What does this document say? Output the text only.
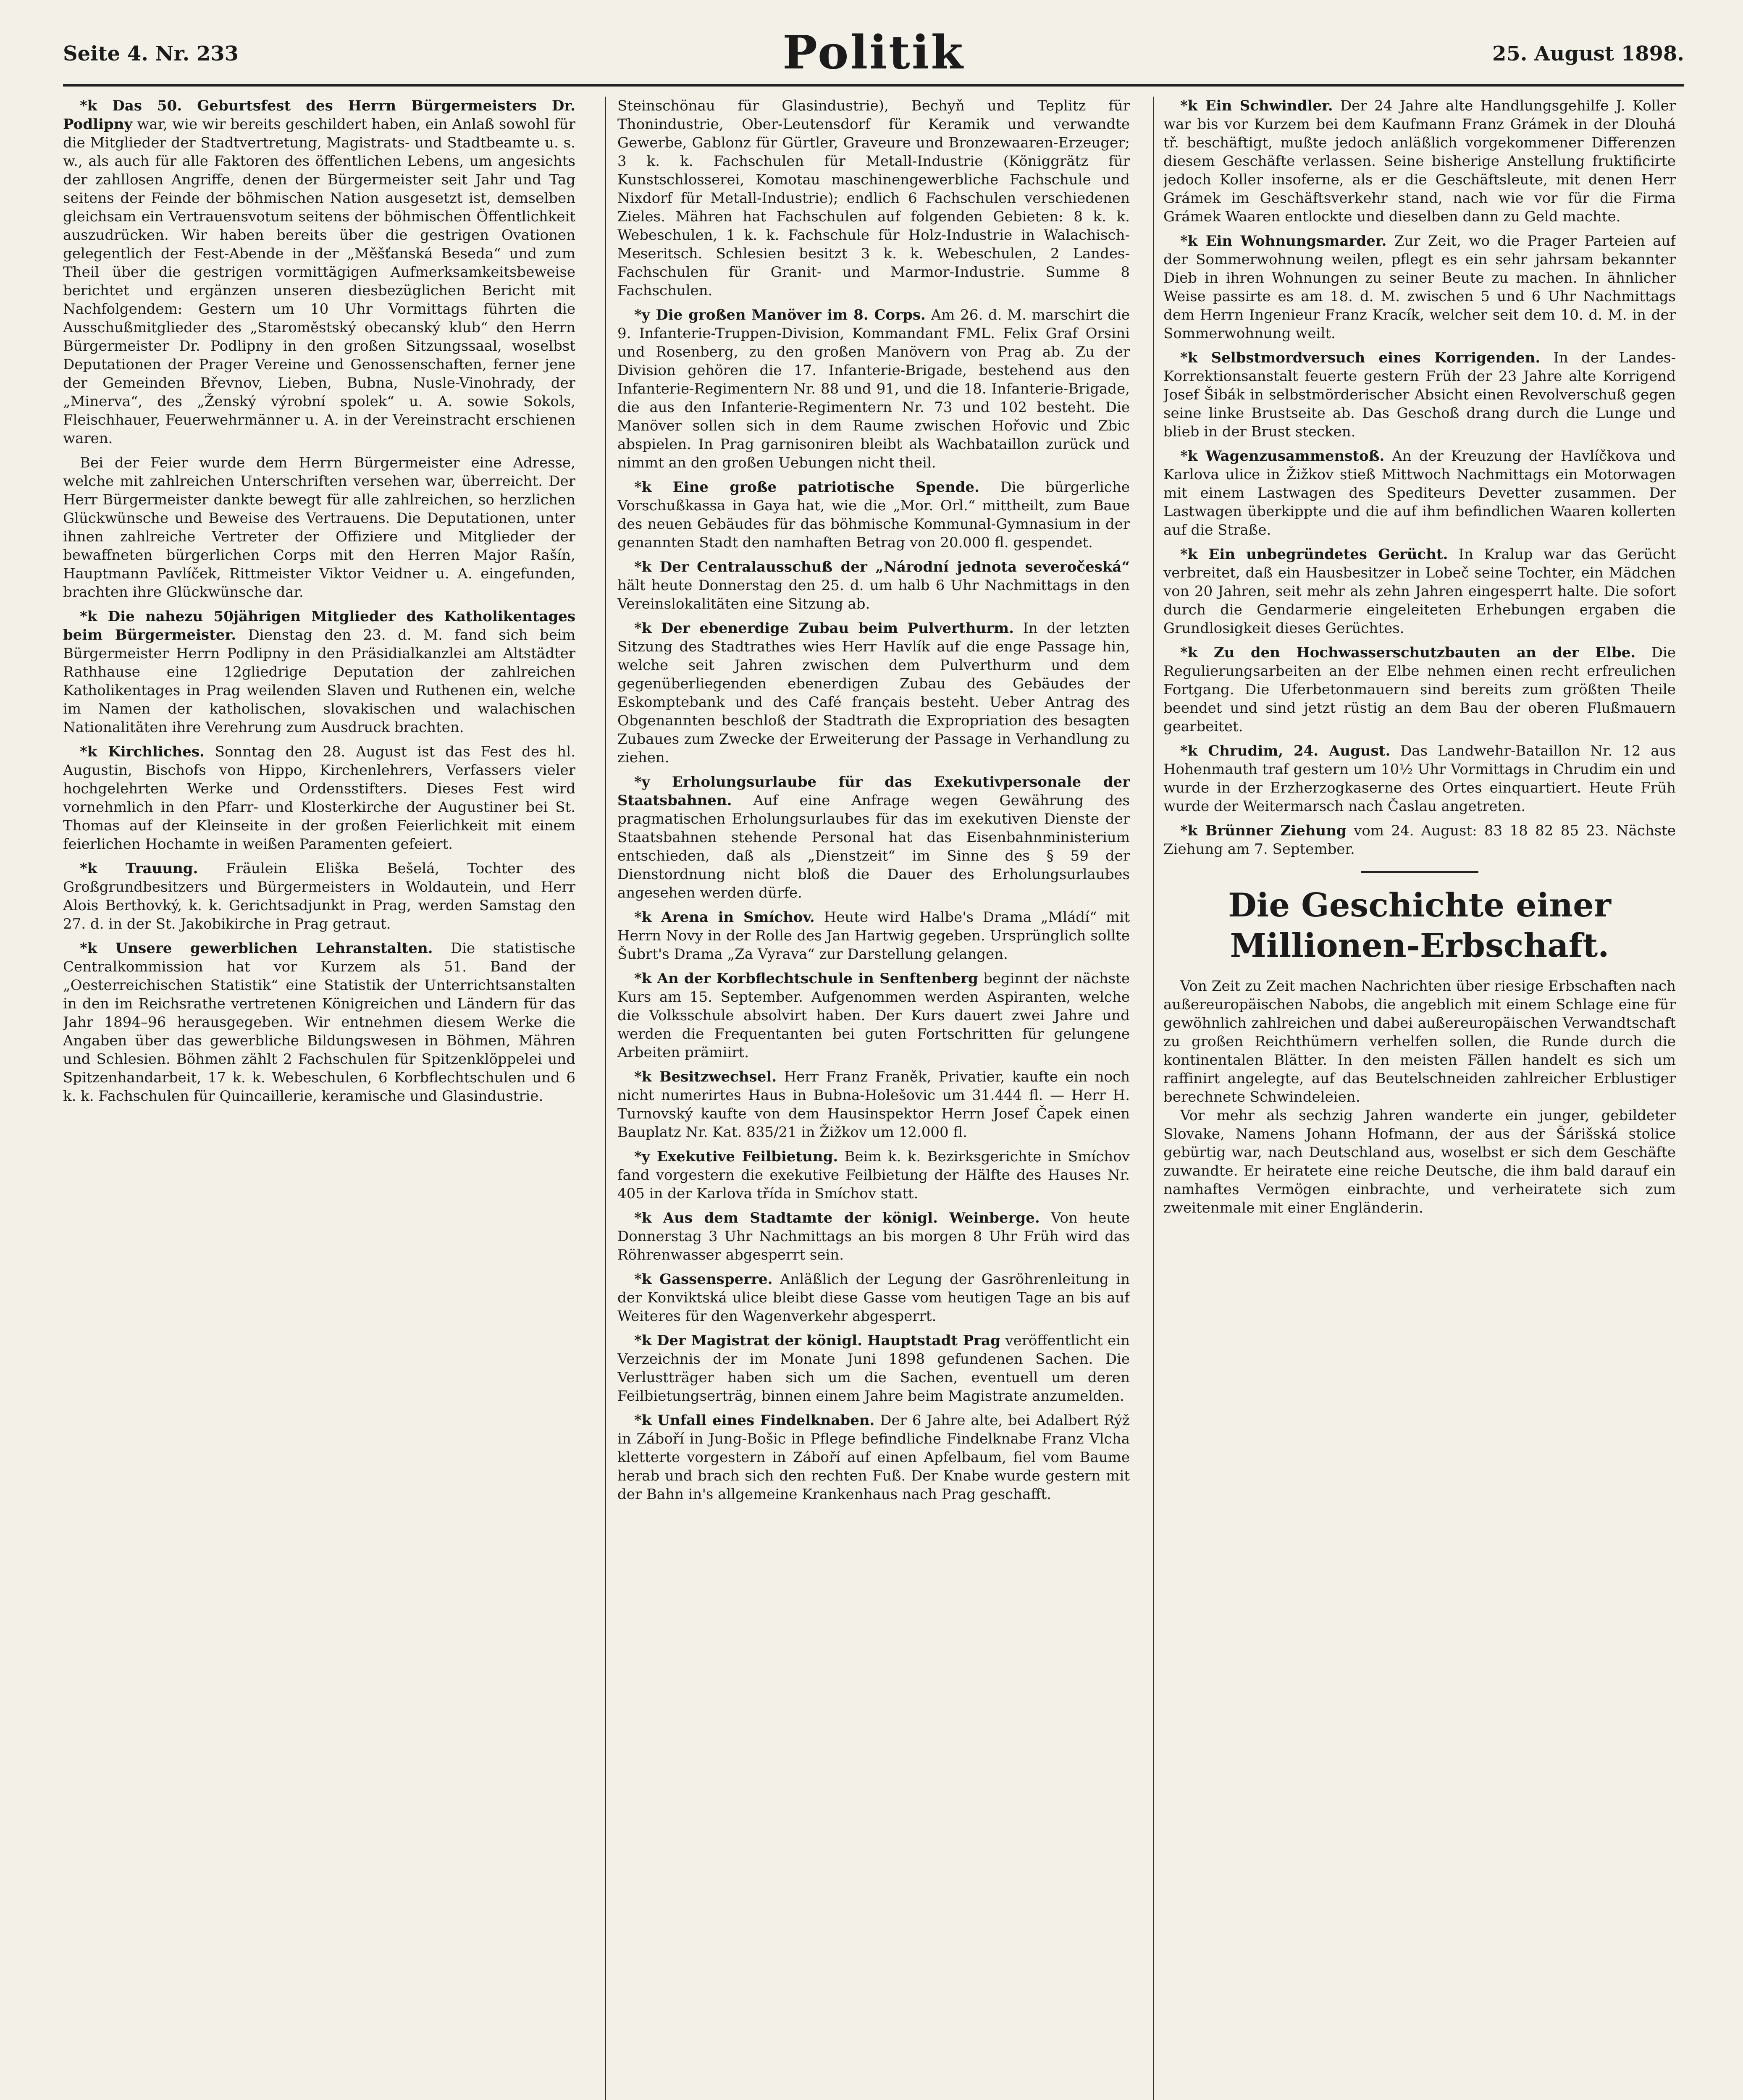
Seite 4. Nr. 233	Politik	25. August 1898.

*k Das 50. Geburtsfest des Herrn Bürgermeisters Dr. Podlipny war, wie wir bereits geschildert haben, ein Anlaß sowohl für die Mitglieder der Stadtvertretung, Magistrats- und Stadtbeamte u. s. w., als auch für alle Faktoren des öffentlichen Lebens, um angesichts der zahllosen Angriffe, denen der Bürgermeister seit Jahr und Tag seitens der Feinde der böhmischen Nation ausgesetzt ist, demselben gleichsam ein Vertrauensvotum seitens der böhmischen Öffentlichkeit auszudrücken. Wir haben bereits über die gestrigen Ovationen gelegentlich der Fest-Abende in der „Měšťanská Beseda“ und zum Theil über die gestrigen vormittägigen Aufmerksamkeitsbeweise berichtet und ergänzen unseren diesbezüglichen Bericht mit Nachfolgendem: Gestern um 10 Uhr Vormittags führten die Ausschußmitglieder des „Staroměstský obecanský klub“ den Herrn Bürgermeister Dr. Podlipny in den großen Sitzungssaal, woselbst Deputationen der Prager Vereine und Genossenschaften, ferner jene der Gemeinden Břevnov, Lieben, Bubna, Nusle-Vinohrady, der „Minerva“, des „Ženský výrobní spolek“ u. A. sowie Sokols, Fleischhauer, Feuerwehrmänner u. A. in der Vereinstracht erschienen waren.

Bei der Feier wurde dem Herrn Bürgermeister eine Adresse, welche mit zahlreichen Unterschriften versehen war, überreicht. Der Herr Bürgermeister dankte bewegt für alle zahlreichen, so herzlichen Glückwünsche und Beweise des Vertrauens. Die Deputationen, unter ihnen zahlreiche Vertreter der Offiziere und Mitglieder der bewaffneten bürgerlichen Corps mit den Herren Major Rašín, Hauptmann Pavlíček, Rittmeister Viktor Veidner u. A. eingefunden, brachten ihre Glückwünsche dar.

*k Die nahezu 50jährigen Mitglieder des Katholikentages beim Bürgermeister. Dienstag den 23. d. M. fand sich beim Bürgermeister Herrn Podlipny in den Präsidialkanzlei am Altstädter Rathhause eine 12gliedrige Deputation der zahlreichen Katholikentages in Prag weilenden Slaven und Ruthenen ein, welche im Namen der katholischen, slovakischen und walachischen Nationalitäten ihre Verehrung zum Ausdruck brachten.

*k Kirchliches. Sonntag den 28. August ist das Fest des hl. Augustin, Bischofs von Hippo, Kirchenlehrers, Verfassers vieler hochgelehrten Werke und Ordensstifters. Dieses Fest wird vornehmlich in den Pfarr- und Klosterkirche der Augustiner bei St. Thomas auf der Kleinseite in der großen Feierlichkeit mit einem feierlichen Hochamte in weißen Paramenten gefeiert.

*k Trauung. Fräulein Eliška Bešelá, Tochter des Großgrundbesitzers und Bürgermeisters in Woldautein, und Herr Alois Berthovký, k. k. Gerichtsadjunkt in Prag, werden Samstag den 27. d. in der St. Jakobikirche in Prag getraut.

*k Unsere gewerblichen Lehranstalten. Die statistische Centralkommission hat vor Kurzem als 51. Band der „Oesterreichischen Statistik“ eine Statistik der Unterrichtsanstalten in den im Reichsrathe vertretenen Königreichen und Ländern für das Jahr 1894–96 herausgegeben. Wir entnehmen diesem Werke die Angaben über das gewerbliche Bildungswesen in Böhmen, Mähren und Schlesien. Böhmen zählt 2 Fachschulen für Spitzenklöppelei und Spitzenhandarbeit, 17 k. k. Webeschulen, 6 Korbflechtschulen und 6 k. k. Fachschulen für Quincaillerie, keramische und Glasindustrie.

Steinschönau für Glasindustrie), Bechyň und Teplitz für Thonindustrie, Ober-Leutensdorf für Keramik und verwandte Gewerbe, Gablonz für Gürtler, Graveure und Bronzewaaren-Erzeuger; 3 k. k. Fachschulen für Metall-Industrie (Königgrätz für Kunstschlosserei, Komotau maschinengewerbliche Fachschule und Nixdorf für Metall-Industrie); endlich 6 Fachschulen verschiedenen Zieles. Mähren hat Fachschulen auf folgenden Gebieten: 8 k. k. Webeschulen, 1 k. k. Fachschule für Holz-Industrie in Walachisch-Meseritsch. Schlesien besitzt 3 k. k. Webeschulen, 2 Landes-Fachschulen für Granit- und Marmor-Industrie. Summe 8 Fachschulen.

*y Die großen Manöver im 8. Corps. Am 26. d. M. marschirt die 9. Infanterie-Truppen-Division, Kommandant FML. Felix Graf Orsini und Rosenberg, zu den großen Manövern von Prag ab. Zu der Division gehören die 17. Infanterie-Brigade, bestehend aus den Infanterie-Regimentern Nr. 88 und 91, und die 18. Infanterie-Brigade, die aus den Infanterie-Regimentern Nr. 73 und 102 besteht. Die Manöver sollen sich in dem Raume zwischen Hořovic und Zbic abspielen. In Prag garnisoniren bleibt als Wachbataillon zurück und nimmt an den großen Uebungen nicht theil.

*k Eine große patriotische Spende. Die bürgerliche Vorschußkassa in Gaya hat, wie die „Mor. Orl.“ mittheilt, zum Baue des neuen Gebäudes für das böhmische Kommunal-Gymnasium in der genannten Stadt den namhaften Betrag von 20.000 fl. gespendet.

*k Der Centralausschuß der „Národní jednota severočeská“ hält heute Donnerstag den 25. d. um halb 6 Uhr Nachmittags in den Vereinslokalitäten eine Sitzung ab.

*k Der ebenerdige Zubau beim Pulverthurm. In der letzten Sitzung des Stadtrathes wies Herr Havlík auf die enge Passage hin, welche seit Jahren zwischen dem Pulverthurm und dem gegenüberliegenden ebenerdigen Zubau des Gebäudes der Eskomptebank und des Café français besteht. Ueber Antrag des Obgenannten beschloß der Stadtrath die Expropriation des besagten Zubaues zum Zwecke der Erweiterung der Passage in Verhandlung zu ziehen.

*y Erholungsurlaube für das Exekutivpersonale der Staatsbahnen. Auf eine Anfrage wegen Gewährung des pragmatischen Erholungsurlaubes für das im exekutiven Dienste der Staatsbahnen stehende Personal hat das Eisenbahnministerium entschieden, daß als „Dienstzeit“ im Sinne des § 59 der Dienstordnung nicht bloß die Dauer des Erholungsurlaubes angesehen werden dürfe.

*k Arena in Smíchov. Heute wird Halbe's Drama „Mládí“ mit Herrn Novy in der Rolle des Jan Hartwig gegeben. Ursprünglich sollte Šubrt's Drama „Za Vyrava“ zur Darstellung gelangen.

*k An der Korbflechtschule in Senftenberg beginnt der nächste Kurs am 15. September. Aufgenommen werden Aspiranten, welche die Volksschule absolvirt haben. Der Kurs dauert zwei Jahre und werden die Frequentanten bei guten Fortschritten für gelungene Arbeiten prämiirt.

*k Besitzwechsel. Herr Franz Franěk, Privatier, kaufte ein noch nicht numerirtes Haus in Bubna-Holešovic um 31.444 fl. — Herr H. Turnovský kaufte von dem Hausinspektor Herrn Josef Čapek einen Bauplatz Nr. Kat. 835/21 in Žižkov um 12.000 fl.

*y Exekutive Feilbietung. Beim k. k. Bezirksgerichte in Smíchov fand vorgestern die exekutive Feilbietung der Hälfte des Hauses Nr. 405 in der Karlova třída in Smíchov statt.

*k Aus dem Stadtamte der königl. Weinberge. Von heute Donnerstag 3 Uhr Nachmittags an bis morgen 8 Uhr Früh wird das Röhrenwasser abgesperrt sein.

*k Gassensperre. Anläßlich der Legung der Gasröhrenleitung in der Konviktská ulice bleibt diese Gasse vom heutigen Tage an bis auf Weiteres für den Wagenverkehr abgesperrt.

*k Der Magistrat der königl. Hauptstadt Prag veröffentlicht ein Verzeichnis der im Monate Juni 1898 gefundenen Sachen. Die Verlustträger haben sich um die Sachen, eventuell um deren Feilbietungserträg, binnen einem Jahre beim Magistrate anzumelden.

*k Unfall eines Findelknaben. Der 6 Jahre alte, bei Adalbert Rýž in Záboří in Jung-Bošic in Pflege befindliche Findelknabe Franz Vlcha kletterte vorgestern in Záboří auf einen Apfelbaum, fiel vom Baume herab und brach sich den rechten Fuß. Der Knabe wurde gestern mit der Bahn in's allgemeine Krankenhaus nach Prag geschafft.

*k Ein Schwindler. Der 24 Jahre alte Handlungsgehilfe J. Koller war bis vor Kurzem bei dem Kaufmann Franz Grámek in der Dlouhá tř. beschäftigt, mußte jedoch anläßlich vorgekommener Differenzen diesem Geschäfte verlassen. Seine bisherige Anstellung fruktificirte jedoch Koller insoferne, als er die Geschäftsleute, mit denen Herr Grámek im Geschäftsverkehr stand, nach wie vor für die Firma Grámek Waaren entlockte und dieselben dann zu Geld machte.

*k Ein Wohnungsmarder. Zur Zeit, wo die Prager Parteien auf der Sommerwohnung weilen, pflegt es ein sehr jahrsam bekannter Dieb in ihren Wohnungen zu seiner Beute zu machen. In ähnlicher Weise passirte es am 18. d. M. zwischen 5 und 6 Uhr Nachmittags dem Herrn Ingenieur Franz Kracík, welcher seit dem 10. d. M. in der Sommerwohnung weilt.

*k Selbstmordversuch eines Korrigenden. In der Landes-Korrektionsanstalt feuerte gestern Früh der 23 Jahre alte Korrigend Josef Šibák in selbstmörderischer Absicht einen Revolverschuß gegen seine linke Brustseite ab. Das Geschoß drang durch die Lunge und blieb in der Brust stecken.

*k Wagenzusammenstoß. An der Kreuzung der Havlíčkova und Karlova ulice in Žižkov stieß Mittwoch Nachmittags ein Motorwagen mit einem Lastwagen des Spediteurs Devetter zusammen. Der Lastwagen überkippte und die auf ihm befindlichen Waaren kollerten auf die Straße.

*k Ein unbegründetes Gerücht. In Kralup war das Gerücht verbreitet, daß ein Hausbesitzer in Lobeč seine Tochter, ein Mädchen von 20 Jahren, seit mehr als zehn Jahren eingesperrt halte. Die sofort durch die Gendarmerie eingeleiteten Erhebungen ergaben die Grundlosigkeit dieses Gerüchtes.

*k Zu den Hochwasserschutzbauten an der Elbe. Die Regulierungsarbeiten an der Elbe nehmen einen recht erfreulichen Fortgang. Die Uferbetonmauern sind bereits zum größten Theile beendet und sind jetzt rüstig an dem Bau der oberen Flußmauern gearbeitet.

*k Chrudim, 24. August. Das Landwehr-Bataillon Nr. 12 aus Hohenmauth traf gestern um 10½ Uhr Vormittags in Chrudim ein und wurde in der Erzherzogkaserne des Ortes einquartiert. Heute Früh wurde der Weitermarsch nach Časlau angetreten.

*k Brünner Ziehung vom 24. August: 83 18 82 85 23. Nächste Ziehung am 7. September.

Die Geschichte einer Millionen-Erbschaft.

Von Zeit zu Zeit machen Nachrichten über riesige Erbschaften nach außereuropäischen Nabobs, die angeblich mit einem Schlage eine für gewöhnlich zahlreichen und dabei außereuropäischen Verwandtschaft zu großen Reichthümern verhelfen sollen, die Runde durch die kontinentalen Blätter. In den meisten Fällen handelt es sich um raffinirt angelegte, auf das Beutelschneiden zahlreicher Erblustiger berechnete Schwindeleien.

Vor mehr als sechzig Jahren wanderte ein junger, gebildeter Slovake, Namens Johann Hofmann, der aus der Šárišská stolice gebürtig war, nach Deutschland aus, woselbst er sich dem Geschäfte zuwandte. Er heiratete eine reiche Deutsche, die ihm bald darauf ein namhaftes Vermögen einbrachte, und verheiratete sich zum zweitenmale mit einer Engländerin.
